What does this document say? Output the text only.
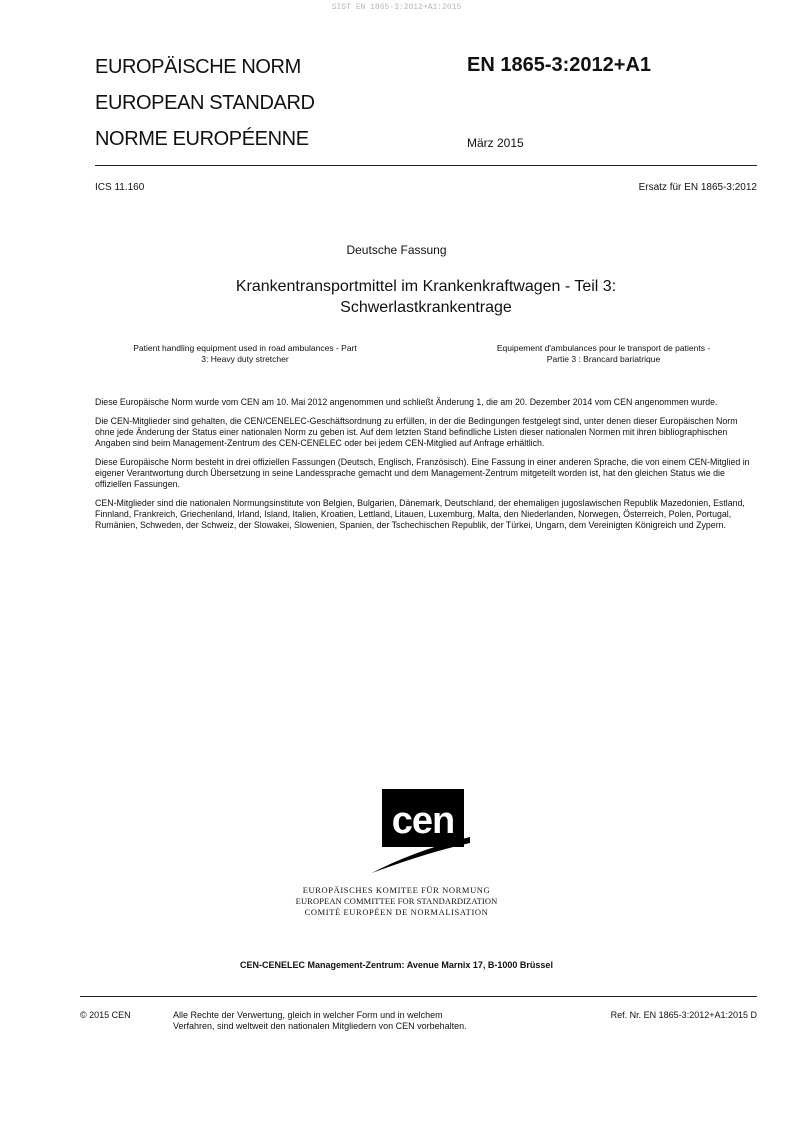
SIST EN 1865-3:2012+A1:2015
EUROPÄISCHE NORM
EUROPEAN STANDARD
NORME EUROPÉENNE
EN 1865-3:2012+A1
März 2015
ICS 11.160	Ersatz für EN 1865-3:2012
Deutsche Fassung
Krankentransportmittel im Krankenkraftwagen - Teil 3:
Schwerlastkrankentrage
Patient handling equipment used in road ambulances - Part
3: Heavy duty stretcher
Equipement d'ambulances pour le transport de patients -
Partie 3 : Brancard bariatrique

Diese Europäische Norm wurde vom CEN am 10. Mai 2012 angenommen und schließt Änderung 1, die am 20. Dezember 2014 vom CEN angenommen wurde.

Die CEN-Mitglieder sind gehalten, die CEN/CENELEC-Geschäftsordnung zu erfüllen, in der die Bedingungen festgelegt sind, unter denen dieser Europäischen Norm ohne jede Änderung der Status einer nationalen Norm zu geben ist. Auf dem letzten Stand befindliche Listen dieser nationalen Normen mit ihren bibliographischen Angaben sind beim Management-Zentrum des CEN-CENELEC oder bei jedem CEN-Mitglied auf Anfrage erhältlich.

Diese Europäische Norm besteht in drei offiziellen Fassungen (Deutsch, Englisch, Französisch). Eine Fassung in einer anderen Sprache, die von einem CEN-Mitglied in eigener Verantwortung durch Übersetzung in seine Landessprache gemacht und dem Management-Zentrum mitgeteilt worden ist, hat den gleichen Status wie die offiziellen Fassungen.

CEN-Mitglieder sind die nationalen Normungsinstitute von Belgien, Bulgarien, Dänemark, Deutschland, der ehemaligen jugoslawischen Republik Mazedonien, Estland, Finnland, Frankreich, Griechenland, Irland, Island, Italien, Kroatien, Lettland, Litauen, Luxemburg, Malta, den Niederlanden, Norwegen, Österreich, Polen, Portugal, Rumänien, Schweden, der Schweiz, der Slowakei, Slowenien, Spanien, der Tschechischen Republik, der Türkei, Ungarn, dem Vereinigten Königreich und Zypern.

cen
EUROPÄISCHES KOMITEE FÜR NORMUNG
EUROPEAN COMMITTEE FOR STANDARDIZATION
COMITÉ EUROPÉEN DE NORMALISATION
CEN-CENELEC Management-Zentrum: Avenue Marnix 17, B-1000 Brüssel
© 2015 CEN	Alle Rechte der Verwertung, gleich in welcher Form und in welchem
Verfahren, sind weltweit den nationalen Mitgliedern von CEN vorbehalten.
Ref. Nr. EN 1865-3:2012+A1:2015 D
